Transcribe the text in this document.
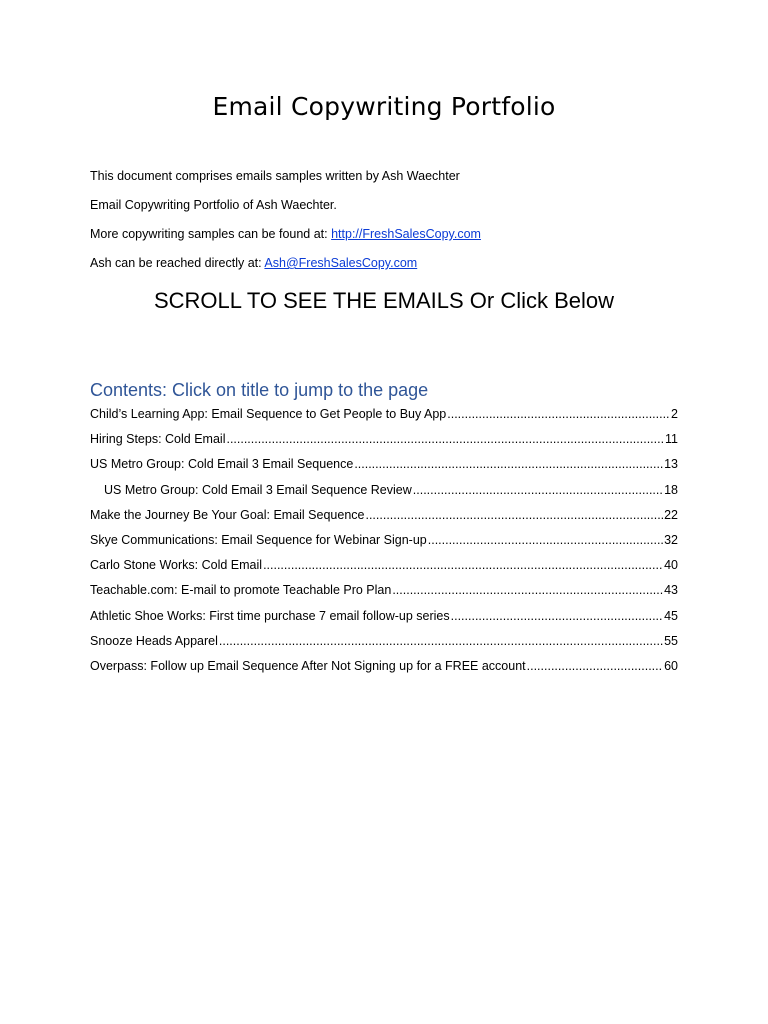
Email Copywriting Portfolio

This document comprises emails samples written by Ash Waechter

Email Copywriting Portfolio of Ash Waechter.

More copywriting samples can be found at: http://FreshSalesCopy.com

Ash can be reached directly at: Ash@FreshSalesCopy.com

SCROLL TO SEE THE EMAILS Or Click Below
Contents: Click on title to jump to the page
Child’s Learning App: Email Sequence to Get People to Buy App .....	2
Hiring Steps: Cold Email .....	11
US Metro Group: Cold Email 3 Email Sequence .....	13
US Metro Group: Cold Email 3 Email Sequence Review .....	18
Make the Journey Be Your Goal: Email Sequence .....	22
Skye Communications: Email Sequence for Webinar Sign-up .....	32
Carlo Stone Works: Cold Email .....	40
Teachable.com: E-mail to promote Teachable Pro Plan .....	43
Athletic Shoe Works: First time purchase 7 email follow-up series .....	45
Snooze Heads Apparel .....	55
Overpass: Follow up Email Sequence After Not Signing up for a FREE account .....	60
